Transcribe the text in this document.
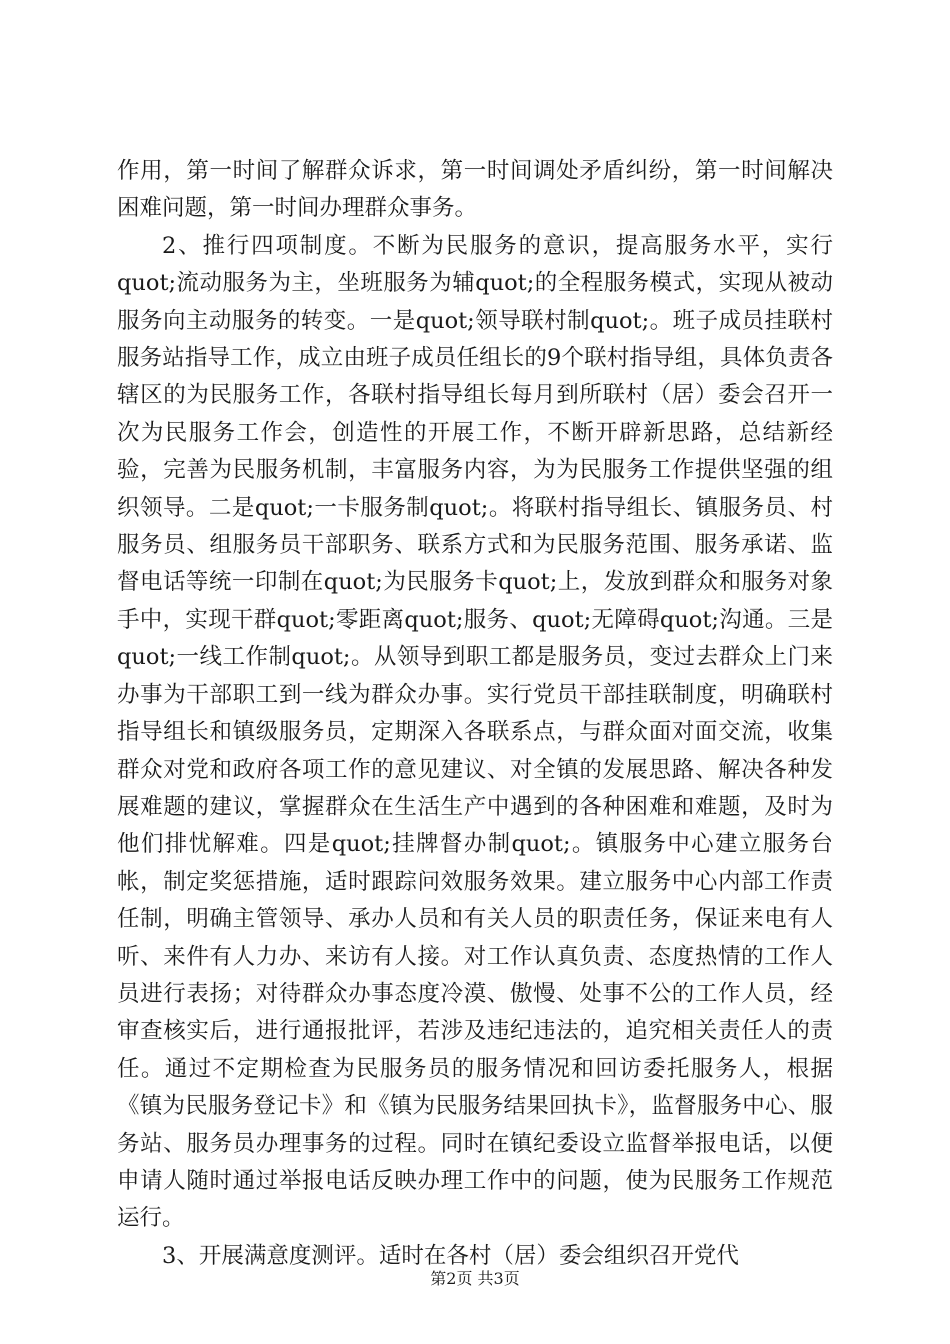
作用，第一时间了解群众诉求，第一时间调处矛盾纠纷，第一时间解决困难问题，第一时间办理群众事务。

2、推行四项制度。不断为民服务的意识，提高服务水平，实行quot;流动服务为主，坐班服务为辅quot;的全程服务模式，实现从被动服务向主动服务的转变。一是quot;领导联村制quot;。班子成员挂联村服务站指导工作，成立由班子成员任组长的9个联村指导组，具体负责各辖区的为民服务工作，各联村指导组长每月到所联村（居）委会召开一次为民服务工作会，创造性的开展工作，不断开辟新思路，总结新经验，完善为民服务机制，丰富服务内容，为为民服务工作提供坚强的组织领导。二是quot;一卡服务制quot;。将联村指导组长、镇服务员、村服务员、组服务员干部职务、联系方式和为民服务范围、服务承诺、监督电话等统一印制在quot;为民服务卡quot;上，发放到群众和服务对象手中，实现干群quot;零距离quot;服务、quot;无障碍quot;沟通。三是quot;一线工作制quot;。从领导到职工都是服务员，变过去群众上门来办事为干部职工到一线为群众办事。实行党员干部挂联制度，明确联村指导组长和镇级服务员，定期深入各联系点，与群众面对面交流，收集群众对党和政府各项工作的意见建议、对全镇的发展思路、解决各种发展难题的建议，掌握群众在生活生产中遇到的各种困难和难题，及时为他们排忧解难。四是quot;挂牌督办制quot;。镇服务中心建立服务台帐，制定奖惩措施，适时跟踪问效服务效果。建立服务中心内部工作责任制，明确主管领导、承办人员和有关人员的职责任务，保证来电有人听、来件有人力办、来访有人接。对工作认真负责、态度热情的工作人员进行表扬；对待群众办事态度冷漠、傲慢、处事不公的工作人员，经审查核实后，进行通报批评，若涉及违纪违法的，追究相关责任人的责任。通过不定期检查为民服务员的服务情况和回访委托服务人，根据《镇为民服务登记卡》和《镇为民服务结果回执卡》，监督服务中心、服务站、服务员办理事务的过程。同时在镇纪委设立监督举报电话，以便申请人随时通过举报电话反映办理工作中的问题，使为民服务工作规范运行。

3、开展满意度测评。适时在各村（居）委会组织召开党代

第2页 共3页
